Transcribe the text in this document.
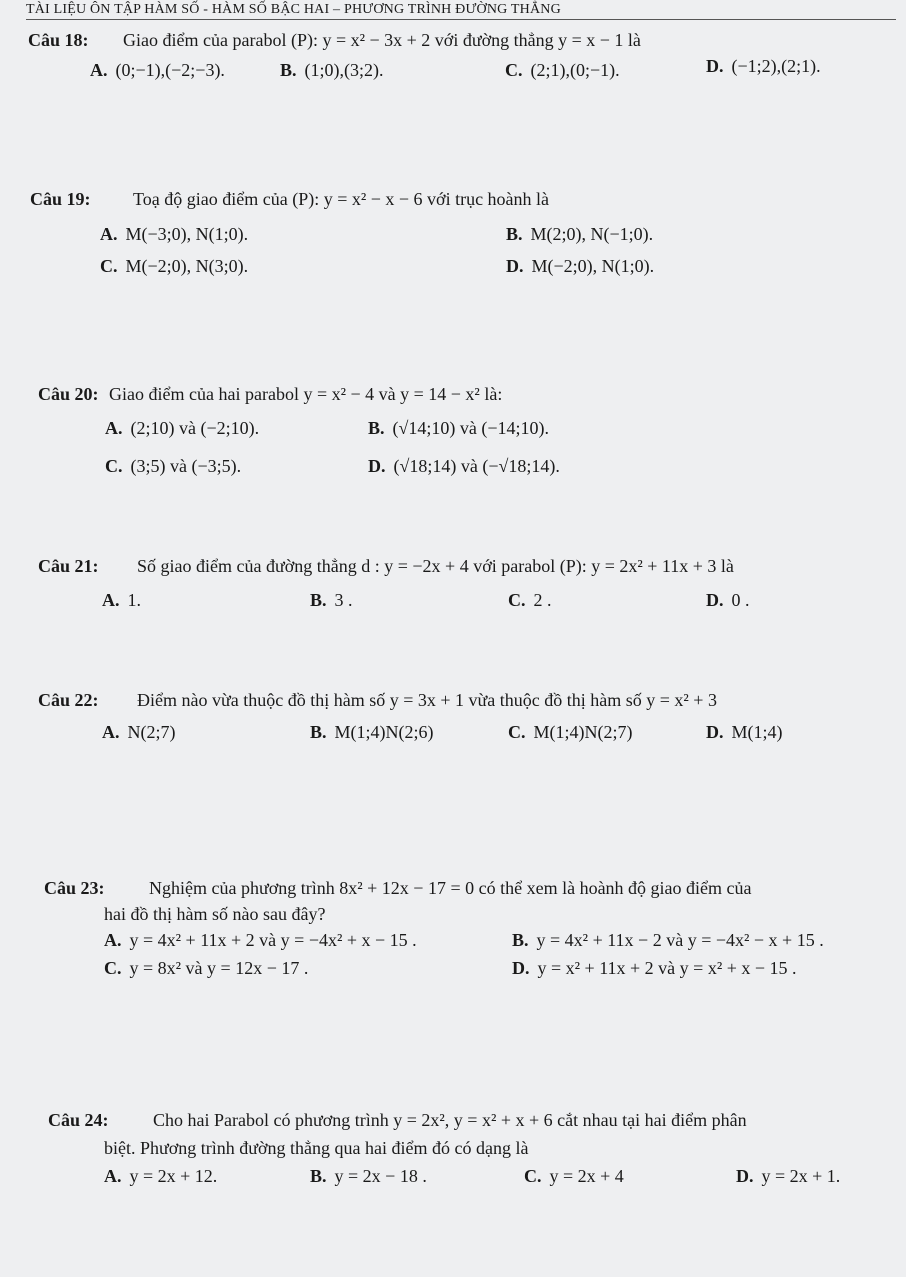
TÀI LIỆU ÔN TẬP HÀM SỐ - HÀM SỐ BẬC HAI – PHƯƠNG TRÌNH ĐƯỜNG THẲNG
Câu 18: Giao điểm của parabol (P): y = x² − 3x + 2 với đường thẳng y = x − 1 là
A. (0;−1),(−2;−3).	B. (1;0),(3;2).	C. (2;1),(0;−1).	D. (−1;2),(2;1).
Câu 19: Toạ độ giao điểm của (P): y = x² − x − 6 với trục hoành là
A. M(−3;0), N(1;0).	B. M(2;0), N(−1;0).
C. M(−2;0), N(3;0).	D. M(−2;0), N(1;0).
Câu 20: Giao điểm của hai parabol y = x² − 4 và y = 14 − x² là:
A. (2;10) và (−2;10).	B. (√14;10) và (−14;10).
C. (3;5) và (−3;5).	D. (√18;14) và (−√18;14).
Câu 21: Số giao điểm của đường thẳng d : y = −2x + 4 với parabol (P): y = 2x² + 11x + 3 là
A. 1.	B. 3 .	C. 2 .	D. 0 .
Câu 22: Điểm nào vừa thuộc đồ thị hàm số y = 3x + 1 vừa thuộc đồ thị hàm số y = x² + 3
A. N(2;7)	B. M(1;4)N(2;6)	C. M(1;4)N(2;7)	D. M(1;4)
Câu 23: Nghiệm của phương trình 8x² + 12x − 17 = 0 có thể xem là hoành độ giao điểm của
hai đồ thị hàm số nào sau đây?
A. y = 4x² + 11x + 2 và y = −4x² + x − 15 .	B. y = 4x² + 11x − 2 và y = −4x² − x + 15 .
C. y = 8x² và y = 12x − 17 .	D. y = x² + 11x + 2 và y = x² + x − 15 .
Câu 24: Cho hai Parabol có phương trình y = 2x², y = x² + x + 6 cắt nhau tại hai điểm phân
biệt. Phương trình đường thẳng qua hai điểm đó có dạng là
A. y = 2x + 12.	B. y = 2x − 18 .	C. y = 2x + 4	D. y = 2x + 1.
